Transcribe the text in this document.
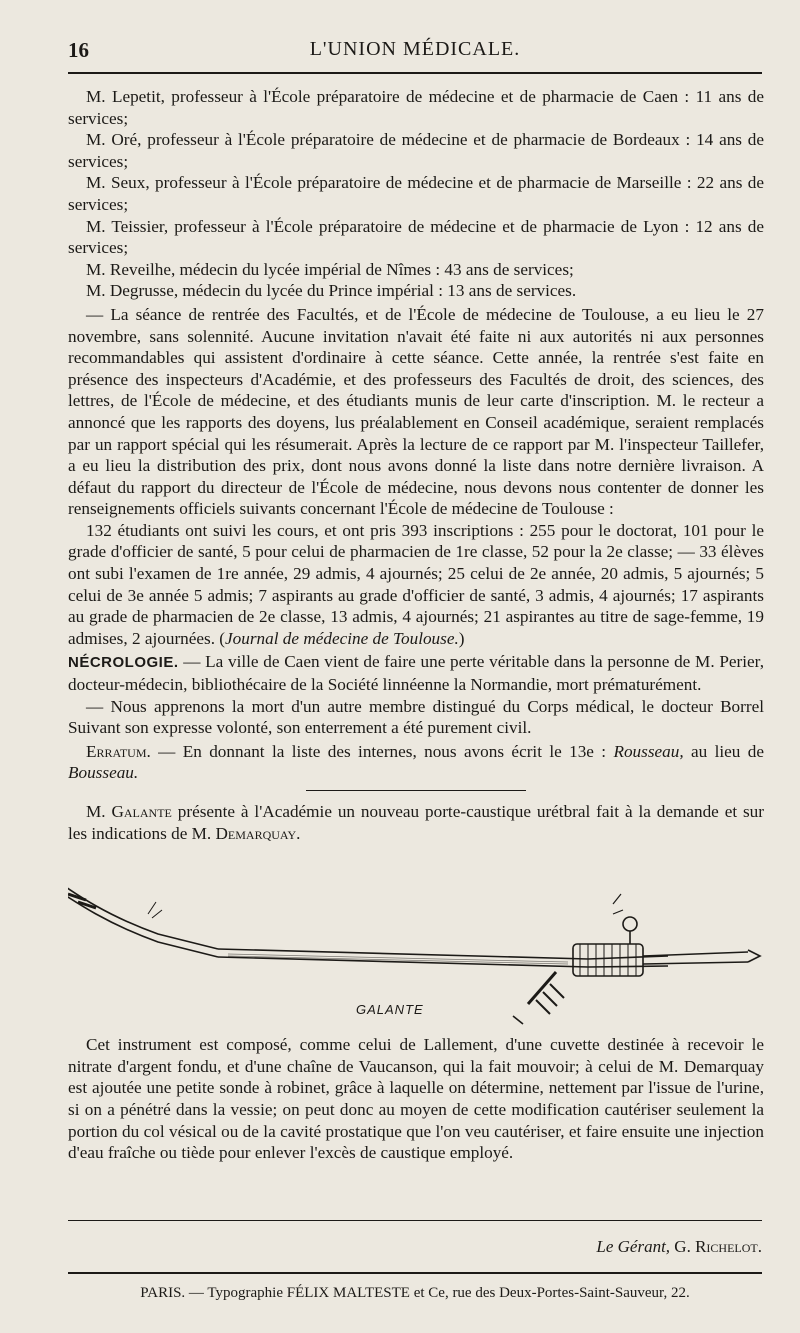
16	L'UNION MÉDICALE.

M. Lepetit, professeur à l'École préparatoire de médecine et de pharmacie de Caen : 11 ans de services;

M. Oré, professeur à l'École préparatoire de médecine et de pharmacie de Bordeaux : 14 ans de services;

M. Seux, professeur à l'École préparatoire de médecine et de pharmacie de Marseille : 22 ans de services;

M. Teissier, professeur à l'École préparatoire de médecine et de pharmacie de Lyon : 12 ans de services;

M. Reveilhe, médecin du lycée impérial de Nîmes : 43 ans de services;

M. Degrusse, médecin du lycée du Prince impérial : 13 ans de services.

— La séance de rentrée des Facultés, et de l'École de médecine de Toulouse, a eu lieu le 27 novembre, sans solennité. Aucune invitation n'avait été faite ni aux autorités ni aux personnes recommandables qui assistent d'ordinaire à cette séance. Cette année, la rentrée s'est faite en présence des inspecteurs d'Académie, et des professeurs des Facultés de droit, des sciences, des lettres, de l'École de médecine, et des étudiants munis de leur carte d'inscription. M. le recteur a annoncé que les rapports des doyens, lus préalablement en Conseil académique, seraient remplacés par un rapport spécial qui les résumerait. Après la lecture de ce rapport par M. l'inspecteur Taillefer, a eu lieu la distribution des prix, dont nous avons donné la liste dans notre dernière livraison. A défaut du rapport du directeur de l'École de médecine, nous devons nous contenter de donner les renseignements officiels suivants concernant l'École de médecine de Toulouse :

132 étudiants ont suivi les cours, et ont pris 393 inscriptions : 255 pour le doctorat, 101 pour le grade d'officier de santé, 5 pour celui de pharmacien de 1re classe, 52 pour la 2e classe; — 33 élèves ont subi l'examen de 1re année, 29 admis, 4 ajournés; 25 celui de 2e année, 20 admis, 5 ajournés; 5 celui de 3e année 5 admis; 7 aspirants au grade d'officier de santé, 3 admis, 4 ajournés; 17 aspirants au grade de pharmacien de 2e classe, 13 admis, 4 ajournés; 21 aspirantes au titre de sage-femme, 19 admises, 2 ajournées. (Journal de médecine de Toulouse.)

NÉCROLOGIE. — La ville de Caen vient de faire une perte véritable dans la personne de M. Perier, docteur-médecin, bibliothécaire de la Société linnéenne la Normandie, mort prématurément.

— Nous apprenons la mort d'un autre membre distingué du Corps médical, le docteur Borrel Suivant son expresse volonté, son enterrement a été purement civil.

Erratum. — En donnant la liste des internes, nous avons écrit le 13e : Rousseau, au lieu de Bousseau.

M. Galante présente à l'Académie un nouveau porte-caustique urétbral fait à la demande et sur les indications de M. Demarquay.

GALANTE

Cet instrument est composé, comme celui de Lallement, d'une cuvette destinée à recevoir le nitrate d'argent fondu, et d'une chaîne de Vaucanson, qui la fait mouvoir; à celui de M. Demarquay est ajoutée une petite sonde à robinet, grâce à laquelle on détermine, nettement par l'issue de l'urine, si on a pénétré dans la vessie; on peut donc au moyen de cette modification cautériser seulement la portion du col vésical ou de la cavité prostatique que l'on veu cautériser, et faire ensuite une injection d'eau fraîche ou tiède pour enlever l'excès de caustique employé.

Le Gérant, G. Richelot.
PARIS. — Typographie FÉLIX MALTESTE et Ce, rue des Deux-Portes-Saint-Sauveur, 22.
